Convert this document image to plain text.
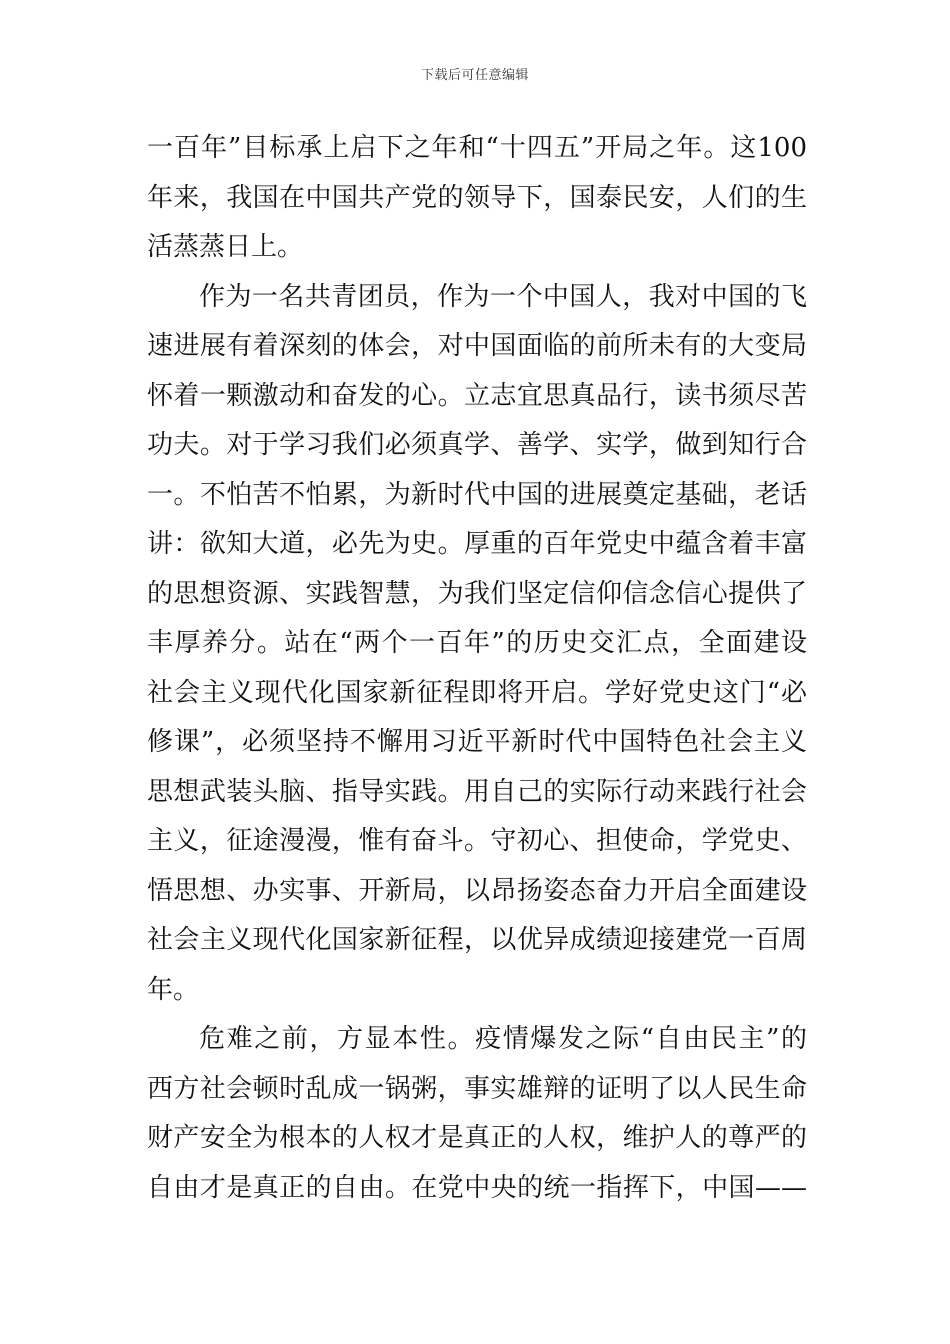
下载后可任意编辑
一百年”目标承上启下之年和“十四五”开局之年。这100
年来，我国在中国共产党的领导下，国泰民安，人们的生
活蒸蒸日上。
作为一名共青团员，作为一个中国人，我对中国的飞
速进展有着深刻的体会，对中国面临的前所未有的大变局
怀着一颗激动和奋发的心。立志宜思真品行，读书须尽苦
功夫。对于学习我们必须真学、善学、实学，做到知行合
一。不怕苦不怕累，为新时代中国的进展奠定基础，老话
讲：欲知大道，必先为史。厚重的百年党史中蕴含着丰富
的思想资源、实践智慧，为我们坚定信仰信念信心提供了
丰厚养分。站在“两个一百年”的历史交汇点，全面建设
社会主义现代化国家新征程即将开启。学好党史这门“必
修课”，必须坚持不懈用习近平新时代中国特色社会主义
思想武装头脑、指导实践。用自己的实际行动来践行社会
主义，征途漫漫，惟有奋斗。守初心、担使命，学党史、
悟思想、办实事、开新局，以昂扬姿态奋力开启全面建设
社会主义现代化国家新征程，以优异成绩迎接建党一百周
年。
危难之前，方显本性。疫情爆发之际“自由民主”的
西方社会顿时乱成一锅粥，事实雄辩的证明了以人民生命
财产安全为根本的人权才是真正的人权，维护人的尊严的
自由才是真正的自由。在党中央的统一指挥下，中国——
